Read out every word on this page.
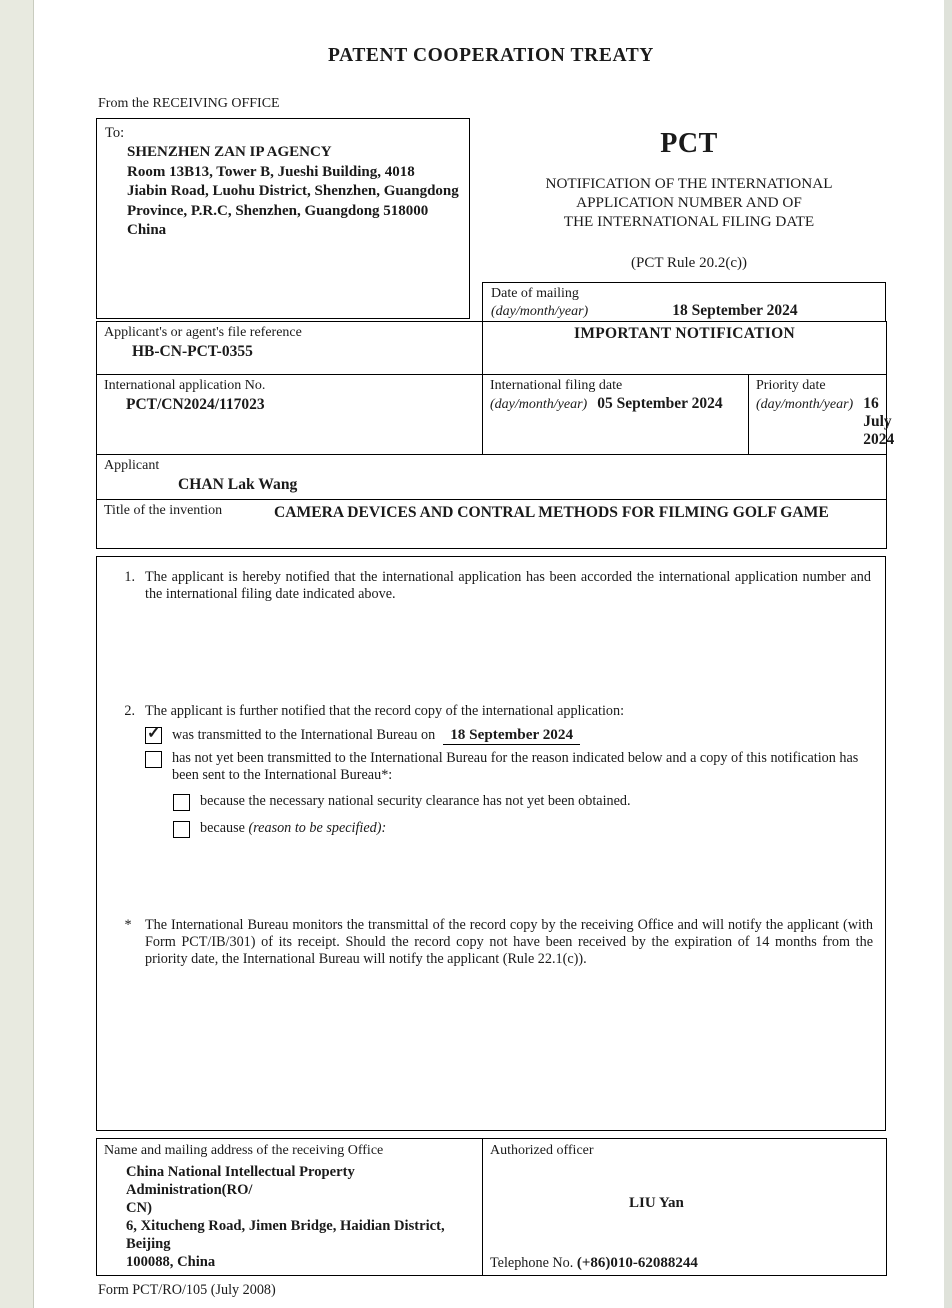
PATENT COOPERATION TREATY
From the RECEIVING OFFICE
To:
SHENZHEN ZAN IP AGENCY
Room 13B13, Tower B, Jueshi Building, 4018
Jiabin Road, Luohu District, Shenzhen, Guangdong
Province, P.R.C, Shenzhen, Guangdong 518000
China
PCT
NOTIFICATION OF THE INTERNATIONAL
APPLICATION NUMBER AND OF
THE INTERNATIONAL FILING DATE
(PCT Rule 20.2(c))
Date of mailing
(day/month/year)	18 September 2024
Applicant's or agent's file reference
HB-CN-PCT-0355	IMPORTANT NOTIFICATION	

International application No.
PCT/CN2024/117023

International filing date
(day/month/year) 05 September 2024

Priority date
(day/month/year) 16 July 2024

Applicant
CHAN Lak Wang		

Title of the invention CAMERA DEVICES AND CONTRAL METHODS FOR FILMING GOLF GAME		
1. The applicant is hereby notified that the international application has been accorded the international application number and the international filing date indicated above.
2. The applicant is further notified that the record copy of the international application:
✓
was transmitted to the International Bureau on 18 September 2024
has not yet been transmitted to the International Bureau for the reason indicated below and a copy of this notification has been sent to the International Bureau*:
because the necessary national security clearance has not yet been obtained.
because (reason to be specified):
* The International Bureau monitors the transmittal of the record copy by the receiving Office and will notify the applicant (with Form PCT/IB/301) of its receipt. Should the record copy not have been received by the expiration of 14 months from the priority date, the International Bureau will notify the applicant (Rule 22.1(c)).
Name and mailing address of the receiving Office
China National Intellectual Property Administration(RO/
CN)
6, Xitucheng Road, Jimen Bridge, Haidian District, Beijing
100088, China

Authorized officer
LIU Yan
Telephone No. (+86)010-62088244
Form PCT/RO/105 (July 2008)
